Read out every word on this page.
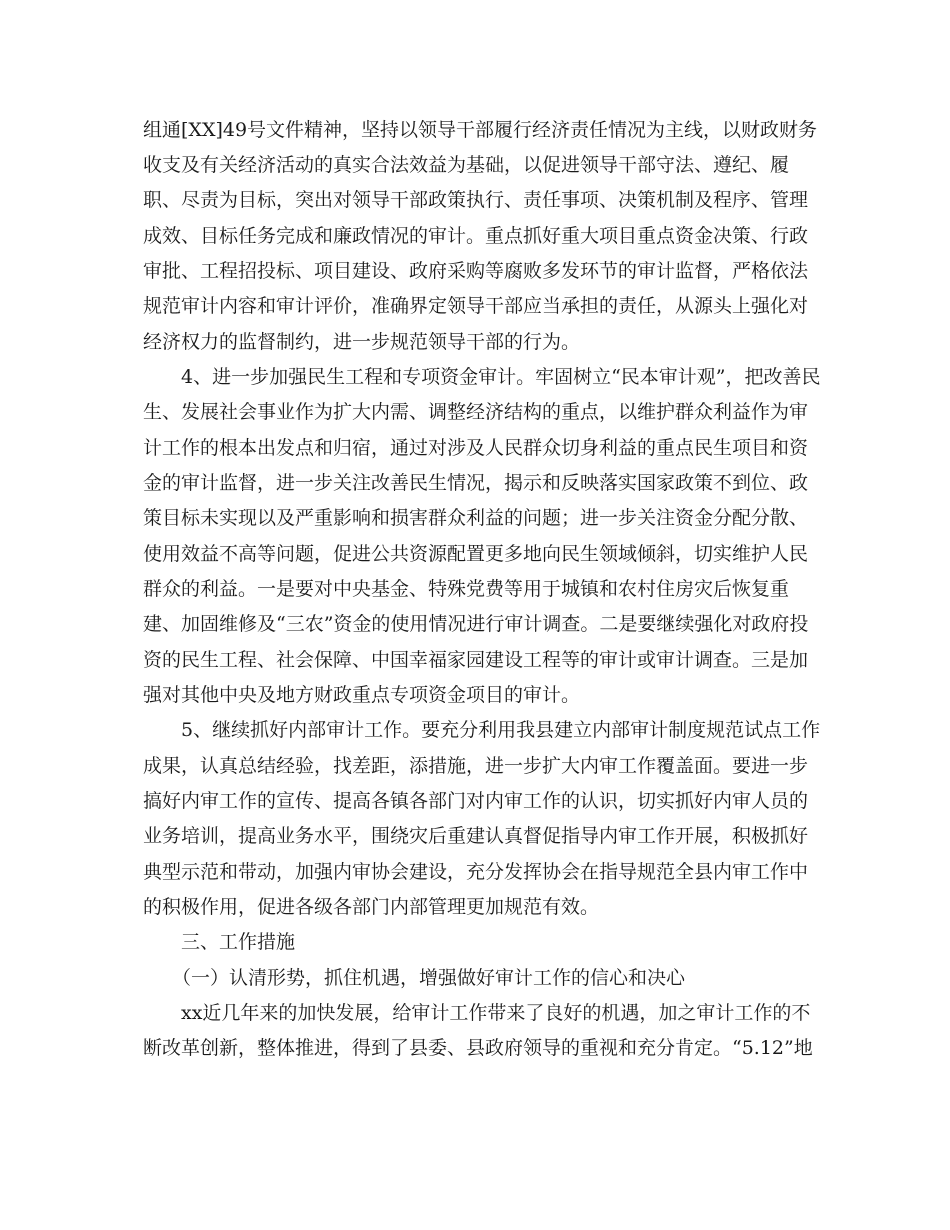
组通[XX]49号文件精神，坚持以领导干部履行经济责任情况为主线，以财政财务
收支及有关经济活动的真实合法效益为基础，以促进领导干部守法、遵纪、履
职、尽责为目标，突出对领导干部政策执行、责任事项、决策机制及程序、管理
成效、目标任务完成和廉政情况的审计。重点抓好重大项目重点资金决策、行政
审批、工程招投标、项目建设、政府采购等腐败多发环节的审计监督，严格依法
规范审计内容和审计评价，准确界定领导干部应当承担的责任，从源头上强化对
经济权力的监督制约，进一步规范领导干部的行为。
4、进一步加强民生工程和专项资金审计。牢固树立“民本审计观”，把改善民
生、发展社会事业作为扩大内需、调整经济结构的重点，以维护群众利益作为审
计工作的根本出发点和归宿，通过对涉及人民群众切身利益的重点民生项目和资
金的审计监督，进一步关注改善民生情况，揭示和反映落实国家政策不到位、政
策目标未实现以及严重影响和损害群众利益的问题；进一步关注资金分配分散、
使用效益不高等问题，促进公共资源配置更多地向民生领域倾斜，切实维护人民
群众的利益。一是要对中央基金、特殊党费等用于城镇和农村住房灾后恢复重
建、加固维修及“三农”资金的使用情况进行审计调查。二是要继续强化对政府投
资的民生工程、社会保障、中国幸福家园建设工程等的审计或审计调查。三是加
强对其他中央及地方财政重点专项资金项目的审计。
5、继续抓好内部审计工作。要充分利用我县建立内部审计制度规范试点工作
成果，认真总结经验，找差距，添措施，进一步扩大内审工作覆盖面。要进一步
搞好内审工作的宣传、提高各镇各部门对内审工作的认识，切实抓好内审人员的
业务培训，提高业务水平，围绕灾后重建认真督促指导内审工作开展，积极抓好
典型示范和带动，加强内审协会建设，充分发挥协会在指导规范全县内审工作中
的积极作用，促进各级各部门内部管理更加规范有效。
三、工作措施
（一）认清形势，抓住机遇，增强做好审计工作的信心和决心
xx近几年来的加快发展，给审计工作带来了良好的机遇，加之审计工作的不
断改革创新，整体推进，得到了县委、县政府领导的重视和充分肯定。“5.12”地
